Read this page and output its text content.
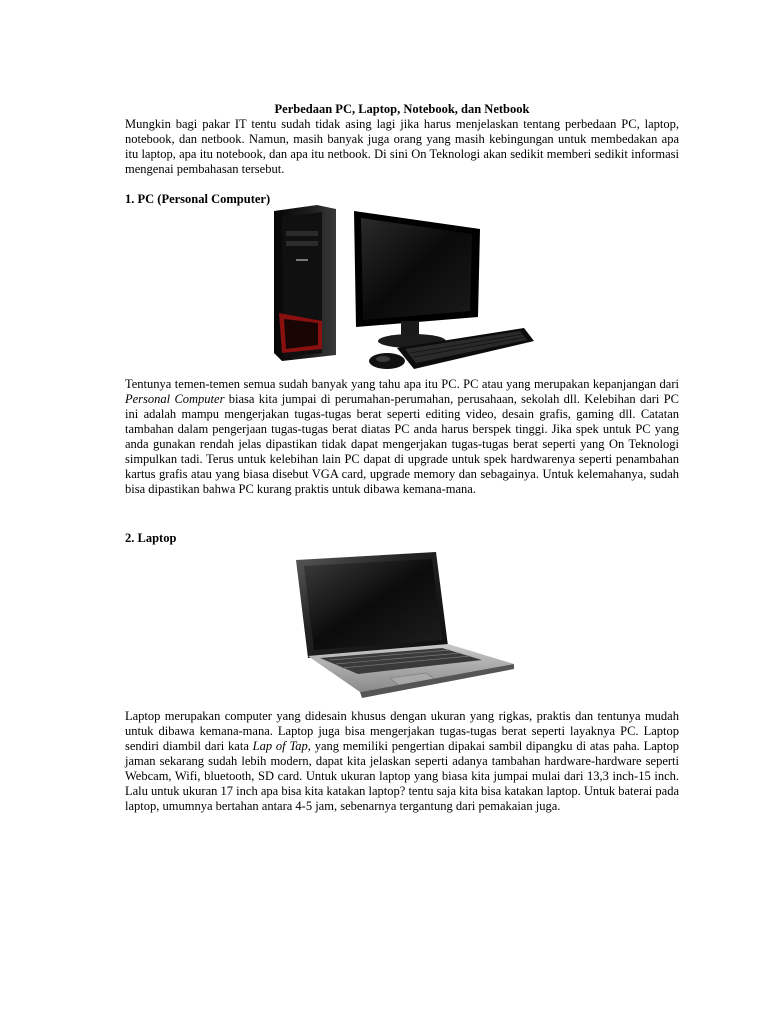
Perbedaan PC, Laptop, Notebook, dan Netbook

Mungkin bagi pakar IT tentu sudah tidak asing lagi jika harus menjelaskan tentang perbedaan PC, laptop, notebook, dan netbook. Namun, masih banyak juga orang yang masih kebingungan untuk membedakan apa itu laptop, apa itu notebook, dan apa itu netbook. Di sini On Teknologi akan sedikit memberi sedikit informasi mengenai pembahasan tersebut.

1. PC (Personal Computer)

Tentunya temen-temen semua sudah banyak yang tahu apa itu PC. PC atau yang merupakan kepanjangan dari Personal Computer biasa kita jumpai di perumahan-perumahan, perusahaan, sekolah dll. Kelebihan dari PC ini adalah mampu mengerjakan tugas-tugas berat seperti editing video, desain grafis, gaming dll. Catatan tambahan dalam pengerjaan tugas-tugas berat diatas PC anda harus berspek tinggi. Jika spek untuk PC yang anda gunakan rendah jelas dipastikan tidak dapat mengerjakan tugas-tugas berat seperti yang On Teknologi simpulkan tadi. Terus untuk kelebihan lain PC dapat di upgrade untuk spek hardwarenya seperti penambahan kartus grafis atau yang biasa disebut VGA card, upgrade memory dan sebagainya. Untuk kelemahanya, sudah bisa dipastikan bahwa PC kurang praktis untuk dibawa kemana-mana.

2. Laptop

Laptop merupakan computer yang didesain khusus dengan ukuran yang rigkas, praktis dan tentunya mudah untuk dibawa kemana-mana. Laptop juga bisa mengerjakan tugas-tugas berat seperti layaknya PC. Laptop sendiri diambil dari kata Lap of Tap, yang memiliki pengertian dipakai sambil dipangku di atas paha. Laptop jaman sekarang sudah lebih modern, dapat kita jelaskan seperti adanya tambahan hardware-hardware seperti Webcam, Wifi, bluetooth, SD card. Untuk ukuran laptop yang biasa kita jumpai mulai dari 13,3 inch-15 inch. Lalu untuk ukuran 17 inch apa bisa kita katakan laptop? tentu saja kita bisa katakan laptop. Untuk baterai pada laptop, umumnya bertahan antara 4-5 jam, sebenarnya tergantung dari pemakaian juga.
